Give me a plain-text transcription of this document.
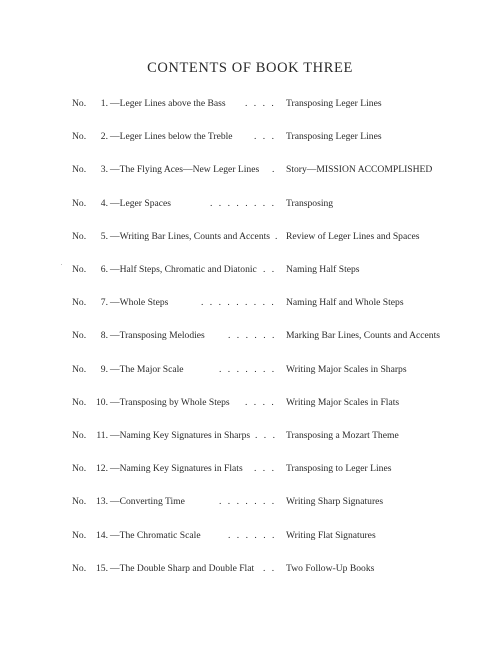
CONTENTS OF BOOK THREE
No.	1. —Leger Lines above the Bass . . . . Transposing Leger Lines
No.	2. —Leger Lines below the Treble . . . Transposing Leger Lines
No.	3. —The Flying Aces—New Leger Lines . Story—MISSION ACCOMPLISHED
No.	4. —Leger Spaces	. . . . . . . . Transposing
No.	5. —Writing Bar Lines, Counts and Accents . Review of Leger Lines and Spaces
No.	6. —Half Steps, Chromatic and Diatonic . . Naming Half Steps
No.	7. —Whole Steps	. . . . . . . . . Naming Half and Whole Steps
No.	8. —Transposing Melodies . . . . . . Marking Bar Lines, Counts and Accents
No.	9. —The Major Scale	. . . . . . . Writing Major Scales in Sharps
No.	10. —Transposing by Whole Steps . . . . Writing Major Scales in Flats
No.	11. —Naming Key Signatures in Sharps . . . Transposing a Mozart Theme
No.	12. —Naming Key Signatures in Flats . . . Transposing to Leger Lines
No.	13. —Converting Time	. . . . . . . Writing Sharp Signatures
No.	14. —The Chromatic Scale	. . . . . . Writing Flat Signatures
No.	15. —The Double Sharp and Double Flat . . Two Follow-Up Books
